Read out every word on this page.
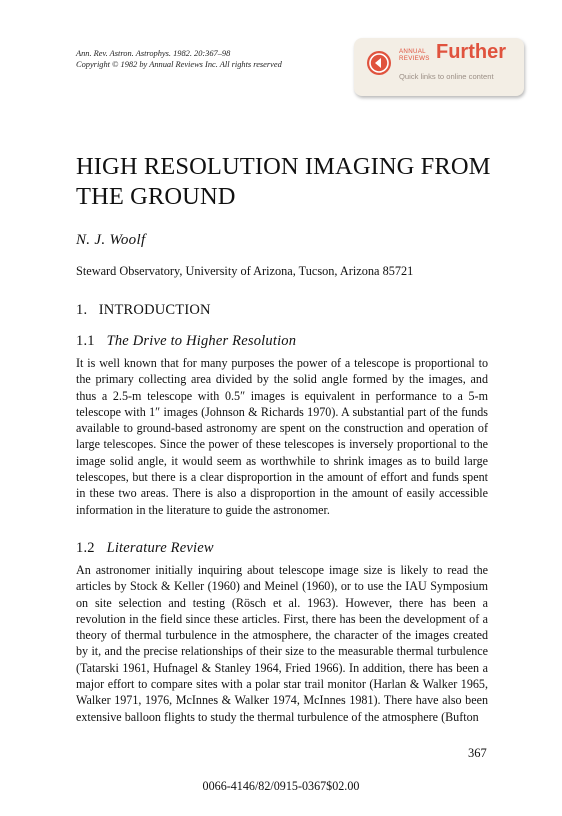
Ann. Rev. Astron. Astrophys. 1982. 20:367–98
Copyright © 1982 by Annual Reviews Inc. All rights reserved
ANNUAL
REVIEWS Further
Quick links to online content
HIGH RESOLUTION IMAGING FROM
THE GROUND
N. J. Woolf
Steward Observatory, University of Arizona, Tucson, Arizona 85721
1. INTRODUCTION
1.1 The Drive to Higher Resolution

It is well known that for many purposes the power of a telescope is proportional to the primary collecting area divided by the solid angle formed by the images, and thus a 2.5-m telescope with 0.5″ images is equivalent in performance to a 5-m telescope with 1″ images (Johnson & Richards 1970). A substantial part of the funds available to ground-based astronomy are spent on the construction and operation of large telescopes. Since the power of these telescopes is inversely proportional to the image solid angle, it would seem as worthwhile to shrink images as to build large telescopes, but there is a clear disproportion in the amount of effort and funds spent in these two areas. There is also a disproportion in the amount of easily accessible information in the literature to guide the astronomer.

1.2 Literature Review

An astronomer initially inquiring about telescope image size is likely to read the articles by Stock & Keller (1960) and Meinel (1960), or to use the IAU Symposium on site selection and testing (Rösch et al. 1963). However, there has been a revolution in the field since these articles. First, there has been the development of a theory of thermal turbulence in the atmosphere, the character of the images created by it, and the precise relationships of their size to the measurable thermal turbulence (Tatarski 1961, Hufnagel & Stanley 1964, Fried 1966). In addition, there has been a major effort to compare sites with a polar star trail monitor (Harlan & Walker 1965, Walker 1971, 1976, McInnes & Walker 1974, McInnes 1981). There have also been extensive balloon flights to study the thermal turbulence of the atmosphere (Bufton

367
0066-4146/82/0915-0367$02.00
